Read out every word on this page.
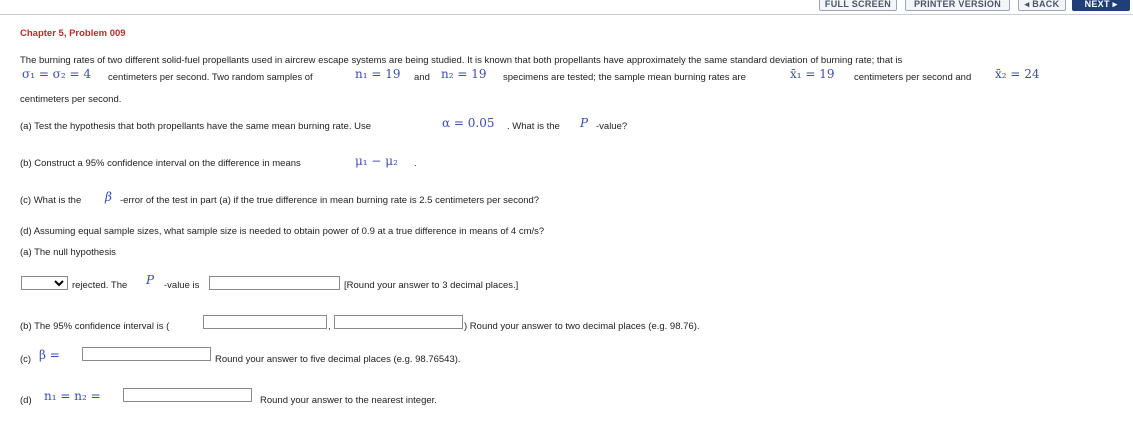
FULL SCREEN	PRINTER VERSION	◂ BACK	NEXT ▸
Chapter 5, Problem 009
The burning rates of two different solid-fuel propellants used in aircrew escape systems are being studied. It is known that both propellants have approximately the same standard deviation of burning rate; that is
σ₁ = σ₂ = 4 centimeters per second. Two random samples of	n₁ = 19 and n₂ = 19 specimens are tested; the sample mean burning rates are	x̄₁ = 19 centimeters per second and x̄₂ = 24
centimeters per second.
(a) Test the hypothesis that both propellants have the same mean burning rate. Use	α = 0.05 . What is the P -value?
(b) Construct a 95% confidence interval on the difference in means	μ₁ − μ₂ .
(c) What is the β -error of the test in part (a) if the true difference in mean burning rate is 2.5 centimeters per second?
(d) Assuming equal sample sizes, what sample size is needed to obtain power of 0.9 at a true difference in means of 4 cm/s?
(a) The null hypothesis
rejected. The P -value is	[Round your answer to 3 decimal places.]
(b) The 95% confidence interval is (	,	) Round your answer to two decimal places (e.g. 98.76).
(c) β =	Round your answer to five decimal places (e.g. 98.76543).
(d) n₁ = n₂ =	Round your answer to the nearest integer.
